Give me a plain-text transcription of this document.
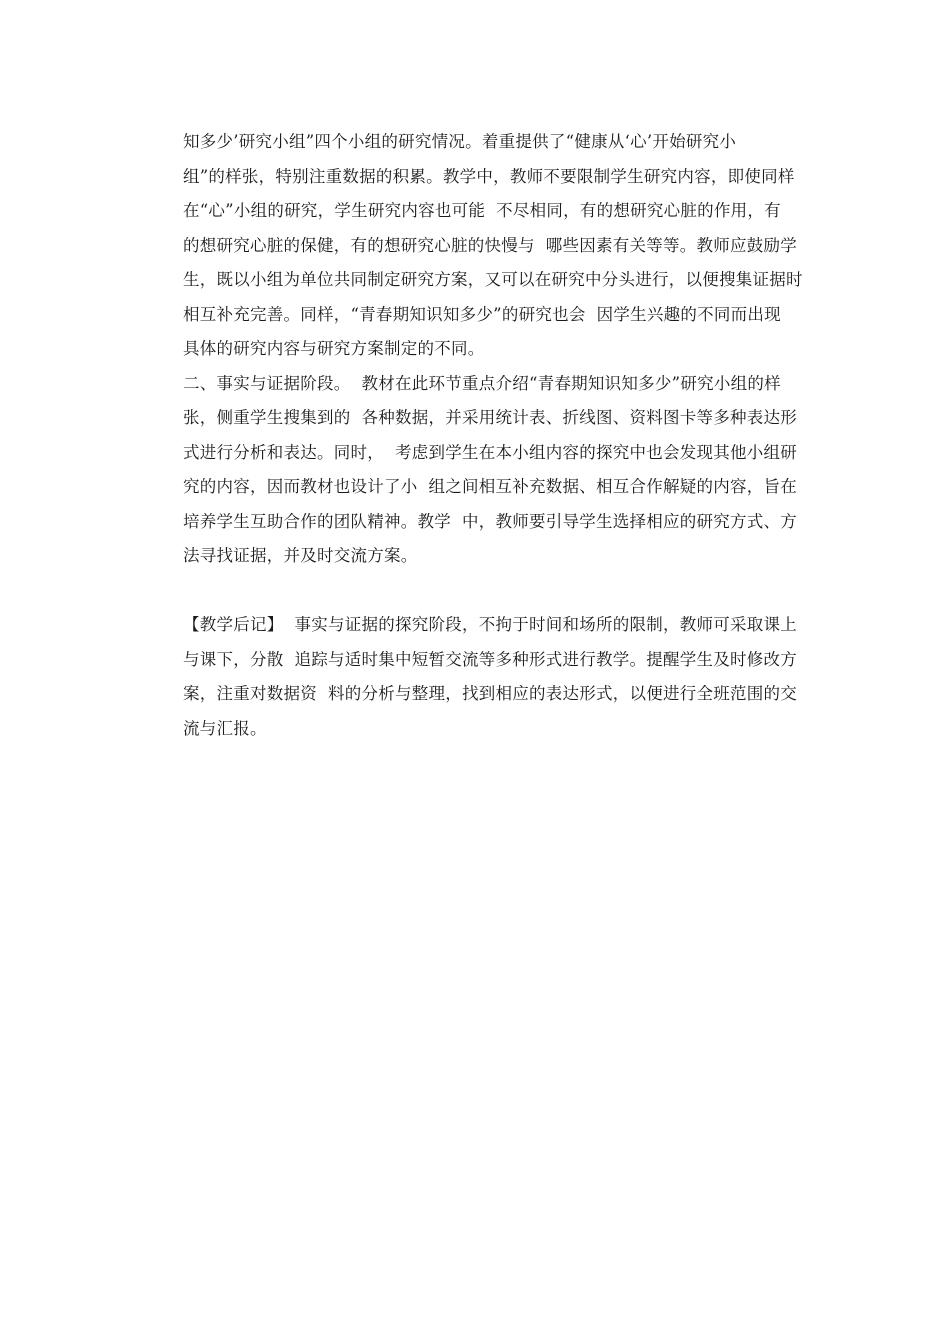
知多少’研究小组”四个小组的研究情况。着重提供了“健康从‘心’开始研究小
组”的样张，特别注重数据的积累。教学中，教师不要限制学生研究内容，即使同样
在“心”小组的研究，学生研究内容也可能  不尽相同，有的想研究心脏的作用，有
的想研究心脏的保健，有的想研究心脏的快慢与  哪些因素有关等等。教师应鼓励学
生，既以小组为单位共同制定研究方案，又可以在研究中分头进行，以便搜集证据时
相互补充完善。同样，“青春期知识知多少”的研究也会  因学生兴趣的不同而出现
具体的研究内容与研究方案制定的不同。
二、事实与证据阶段。  教材在此环节重点介绍“青春期知识知多少”研究小组的样
张，侧重学生搜集到的  各种数据，并采用统计表、折线图、资料图卡等多种表达形
式进行分析和表达。同时，  考虑到学生在本小组内容的探究中也会发现其他小组研
究的内容，因而教材也设计了小  组之间相互补充数据、相互合作解疑的内容，旨在
培养学生互助合作的团队精神。教学  中，教师要引导学生选择相应的研究方式、方
法寻找证据，并及时交流方案。
【教学后记】  事实与证据的探究阶段，不拘于时间和场所的限制，教师可采取课上
与课下，分散  追踪与适时集中短暂交流等多种形式进行教学。提醒学生及时修改方
案，注重对数据资  料的分析与整理，找到相应的表达形式，以便进行全班范围的交
流与汇报。
